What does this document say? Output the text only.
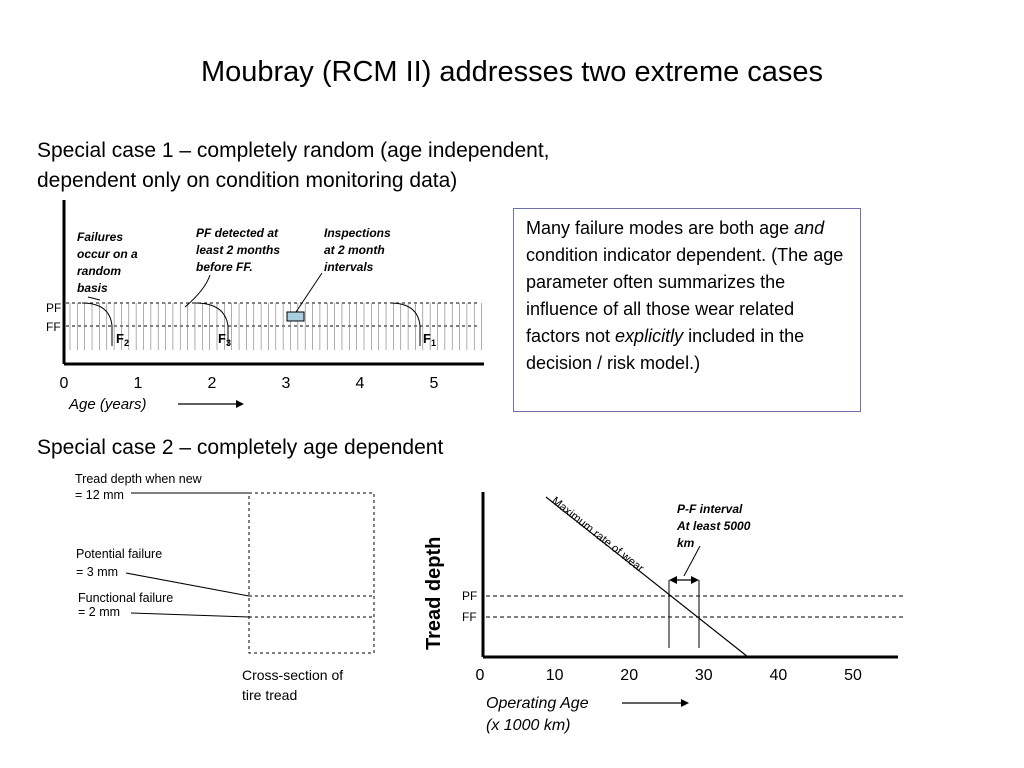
Moubray (RCM II) addresses two extreme cases
Special case 1 – completely random (age independent,
dependent only on condition monitoring data)
PF
FF
$F_2$	$F_3$	$F_1$
0	1	2	3	4	5
Age (years)
Failures occur on a random basis
PF detected at least 2 months before FF.
Inspections at 2 month intervals
Many failure modes are both age and condition indicator dependent. (The age parameter often summarizes the influence of all those wear related factors not explicitly included in the decision / risk model.)
Special case 2 – completely age dependent
Tread depth when new = 12 mm
Potential failure = 3 mm
Functional failure = 2 mm
Cross-section of tire tread
PF
FF
Tread depth
Maximum rate of wear	P-F interval At least 5000 km
0	10	20	30	40	50
Operating Age (x 1000 km)
